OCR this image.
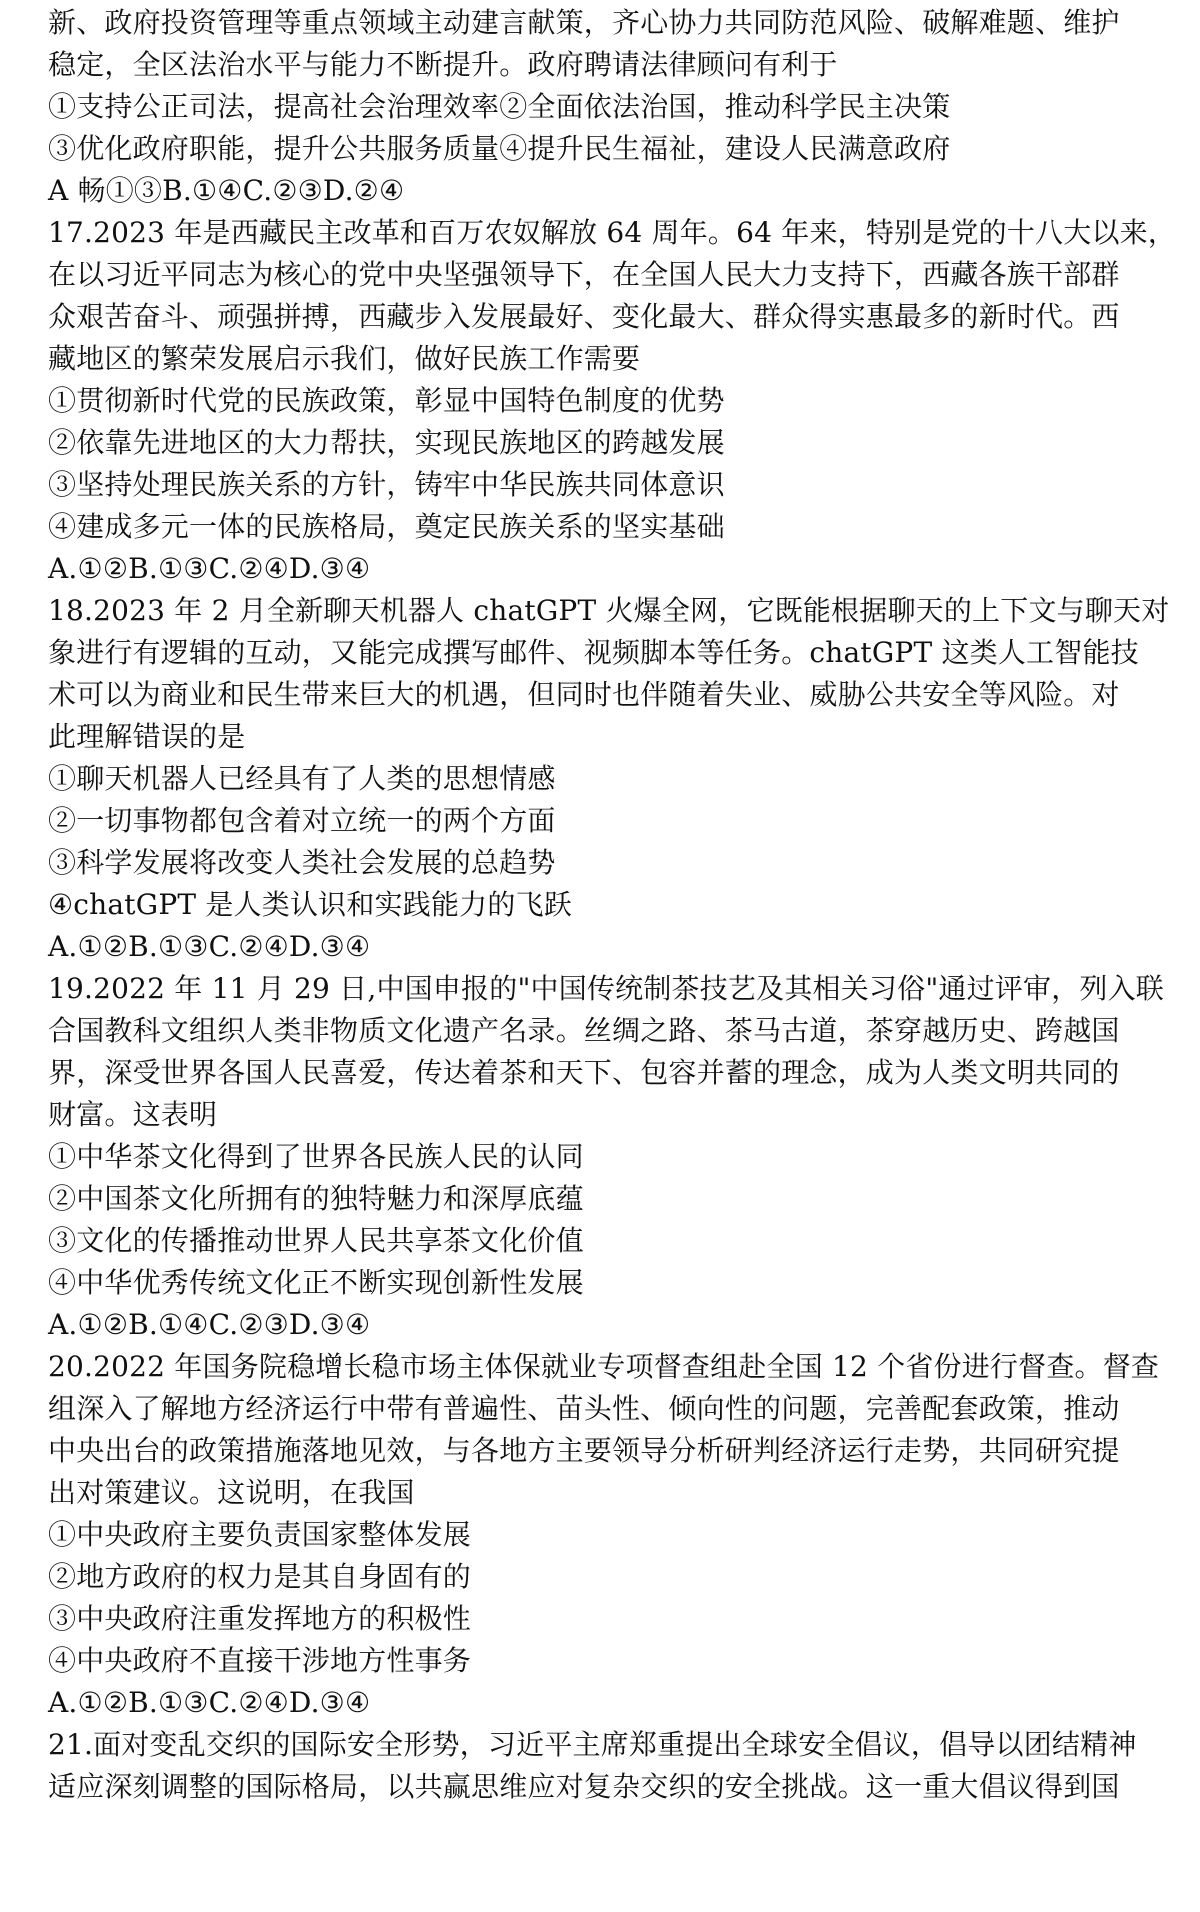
新、政府投资管理等重点领域主动建言献策，齐心协力共同防范风险、破解难题、维护
稳定，全区法治水平与能力不断提升。政府聘请法律顾问有利于
①支持公正司法，提高社会治理效率②全面依法治国，推动科学民主决策
③优化政府职能，提升公共服务质量④提升民生福祉，建设人民满意政府
A 畅①③B.①④C.②③D.②④
17.2023 年是西藏民主改革和百万农奴解放 64 周年。64 年来，特别是党的十八大以来，
在以习近平同志为核心的党中央坚强领导下，在全国人民大力支持下，西藏各族干部群
众艰苦奋斗、顽强拼搏，西藏步入发展最好、变化最大、群众得实惠最多的新时代。西
藏地区的繁荣发展启示我们，做好民族工作需要
①贯彻新时代党的民族政策，彰显中国特色制度的优势
②依靠先进地区的大力帮扶，实现民族地区的跨越发展
③坚持处理民族关系的方针，铸牢中华民族共同体意识
④建成多元一体的民族格局，奠定民族关系的坚实基础
A.①②B.①③C.②④D.③④
18.2023 年 2 月全新聊天机器人 chatGPT 火爆全网，它既能根据聊天的上下文与聊天对
象进行有逻辑的互动，又能完成撰写邮件、视频脚本等任务。chatGPT 这类人工智能技
术可以为商业和民生带来巨大的机遇，但同时也伴随着失业、威胁公共安全等风险。对
此理解错误的是
①聊天机器人已经具有了人类的思想情感
②一切事物都包含着对立统一的两个方面
③科学发展将改变人类社会发展的总趋势
④chatGPT 是人类认识和实践能力的飞跃
A.①②B.①③C.②④D.③④
19.2022 年 11 月 29 日,中国申报的"中国传统制茶技艺及其相关习俗"通过评审，列入联
合国教科文组织人类非物质文化遗产名录。丝绸之路、茶马古道，茶穿越历史、跨越国
界，深受世界各国人民喜爱，传达着茶和天下、包容并蓄的理念，成为人类文明共同的
财富。这表明
①中华茶文化得到了世界各民族人民的认同
②中国茶文化所拥有的独特魅力和深厚底蕴
③文化的传播推动世界人民共享茶文化价值
④中华优秀传统文化正不断实现创新性发展
A.①②B.①④C.②③D.③④
20.2022 年国务院稳增长稳市场主体保就业专项督查组赴全国 12 个省份进行督查。督查
组深入了解地方经济运行中带有普遍性、苗头性、倾向性的问题，完善配套政策，推动
中央出台的政策措施落地见效，与各地方主要领导分析研判经济运行走势，共同研究提
出对策建议。这说明，在我国
①中央政府主要负责国家整体发展
②地方政府的权力是其自身固有的
③中央政府注重发挥地方的积极性
④中央政府不直接干涉地方性事务
A.①②B.①③C.②④D.③④
21.面对变乱交织的国际安全形势，习近平主席郑重提出全球安全倡议，倡导以团结精神
适应深刻调整的国际格局，以共赢思维应对复杂交织的安全挑战。这一重大倡议得到国
